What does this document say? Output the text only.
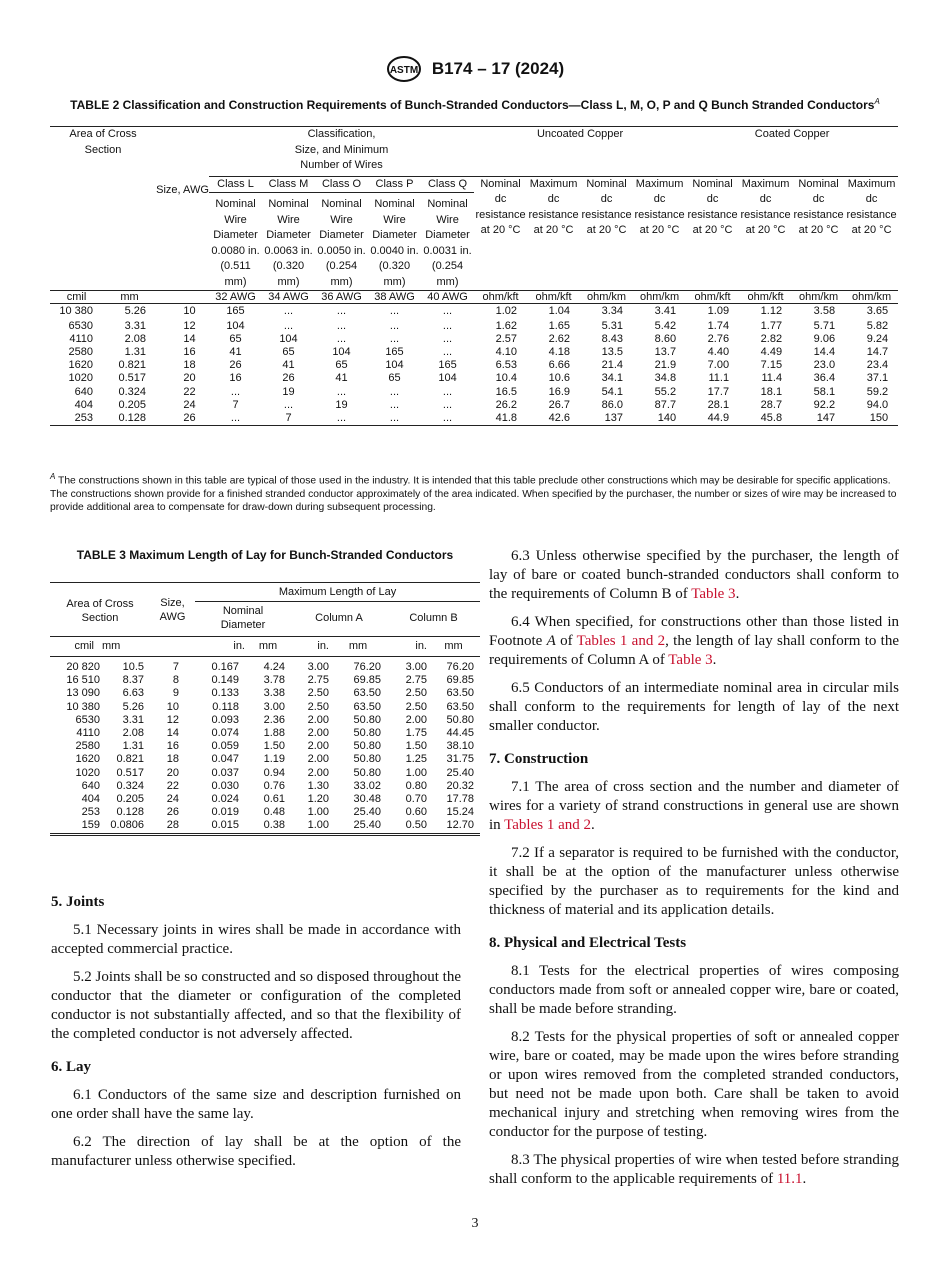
ASTM B174 – 17 (2024)
TABLE 2 Classification and Construction Requirements of Bunch-Stranded Conductors—Class L, M, O, P and Q Bunch Stranded Conductors$^A$
Area of Cross Section		Size, AWG	Classification, Size, and Minimum Number of Wires					Uncoated Copper				Coated Copper			
			Class L	Class M	Class O	Class P	Class Q	Nominal dc resistance at 20 °C	Maximum dc resistance at 20 °C	Nominal dc resistance at 20 °C	Maximum dc resistance at 20 °C	Nominal dc resistance at 20 °C	Maximum dc resistance at 20 °C	Nominal dc resistance at 20 °C	Maximum dc resistance at 20 °C
			Nominal Wire Diameter 0.0080 in. (0.511 mm)	Nominal Wire Diameter 0.0063 in. (0.320 mm)	Nominal Wire Diameter 0.0050 in. (0.254 mm)	Nominal Wire Diameter 0.0040 in. (0.320 mm)	Nominal Wire Diameter 0.0031 in. (0.254 mm)								
cmil	mm		32 AWG	34 AWG	36 AWG	38 AWG	40 AWG	ohm/kft	ohm/kft	ohm/km	ohm/km	ohm/kft	ohm/kft	ohm/km	ohm/km
10 380	5.26	10	165	...	...	...	...	1.02	1.04	3.34	3.41	1.09	1.12	3.58	3.65
6530	3.31	12	104	...	...	...	...	1.62	1.65	5.31	5.42	1.74	1.77	5.71	5.82
4110	2.08	14	65	104	...	...	...	2.57	2.62	8.43	8.60	2.76	2.82	9.06	9.24
2580	1.31	16	41	65	104	165	...	4.10	4.18	13.5	13.7	4.40	4.49	14.4	14.7
1620	0.821	18	26	41	65	104	165	6.53	6.66	21.4	21.9	7.00	7.15	23.0	23.4
1020	0.517	20	16	26	41	65	104	10.4	10.6	34.1	34.8	11.1	11.4	36.4	37.1
640	0.324	22	...	19	...	...	...	16.5	16.9	54.1	55.2	17.7	18.1	58.1	59.2
404	0.205	24	7	...	19	...	...	26.2	26.7	86.0	87.7	28.1	28.7	92.2	94.0
253	0.128	26	...	7	...	...	...	41.8	42.6	137	140	44.9	45.8	147	150
$^A$ The constructions shown in this table are typical of those used in the industry. It is intended that this table preclude other constructions which may be desirable for specific applications. The constructions shown provide for a finished stranded conductor approximately of the area indicated. When specified by the purchaser, the number or sizes of wire may be increased to provide additional area to compensate for draw-down during subsequent processing.
TABLE 3 Maximum Length of Lay for Bunch-Stranded Conductors
Area of Cross Section		Size, AWG	Maximum Length of Lay					
			Nominal Diameter		Column A		Column B	
cmil	mm		in.	mm	in.	mm	in.	mm
20 820	10.5	7	0.167	4.24	3.00	76.20	3.00	76.20
16 510	8.37	8	0.149	3.78	2.75	69.85	2.75	69.85
13 090	6.63	9	0.133	3.38	2.50	63.50	2.50	63.50
10 380	5.26	10	0.118	3.00	2.50	63.50	2.50	63.50
6530	3.31	12	0.093	2.36	2.00	50.80	2.00	50.80
4110	2.08	14	0.074	1.88	2.00	50.80	1.75	44.45
2580	1.31	16	0.059	1.50	2.00	50.80	1.50	38.10
1620	0.821	18	0.047	1.19	2.00	50.80	1.25	31.75
1020	0.517	20	0.037	0.94	2.00	50.80	1.00	25.40
640	0.324	22	0.030	0.76	1.30	33.02	0.80	20.32
404	0.205	24	0.024	0.61	1.20	30.48	0.70	17.78
253	0.128	26	0.019	0.48	1.00	25.40	0.60	15.24
159	0.0806	28	0.015	0.38	1.00	25.40	0.50	12.70
5. Joints

5.1 Necessary joints in wires shall be made in accordance with accepted commercial practice.

5.2 Joints shall be so constructed and so disposed throughout the conductor that the diameter or configuration of the completed conductor is not substantially affected, and so that the flexibility of the completed conductor is not adversely affected.

6. Lay

6.1 Conductors of the same size and description furnished on one order shall have the same lay.

6.2 The direction of lay shall be at the option of the manufacturer unless otherwise specified.

6.3 Unless otherwise specified by the purchaser, the length of lay of bare or coated bunch-stranded conductors shall conform to the requirements of Column B of Table 3.

6.4 When specified, for constructions other than those listed in Footnote A of Tables 1 and 2, the length of lay shall conform to the requirements of Column A of Table 3.

6.5 Conductors of an intermediate nominal area in circular mils shall conform to the requirements for length of lay of the next smaller conductor.

7. Construction

7.1 The area of cross section and the number and diameter of wires for a variety of strand constructions in general use are shown in Tables 1 and 2.

7.2 If a separator is required to be furnished with the conductor, it shall be at the option of the manufacturer unless otherwise specified by the purchaser as to requirements for the kind and thickness of material and its application details.

8. Physical and Electrical Tests

8.1 Tests for the electrical properties of wires composing conductors made from soft or annealed copper wire, bare or coated, shall be made before stranding.

8.2 Tests for the physical properties of soft or annealed copper wire, bare or coated, may be made upon the wires before stranding or upon wires removed from the completed stranded conductors, but need not be made upon both. Care shall be taken to avoid mechanical injury and stretching when removing wires from the conductor for the purpose of testing.

8.3 The physical properties of wire when tested before stranding shall conform to the applicable requirements of 11.1.

3
